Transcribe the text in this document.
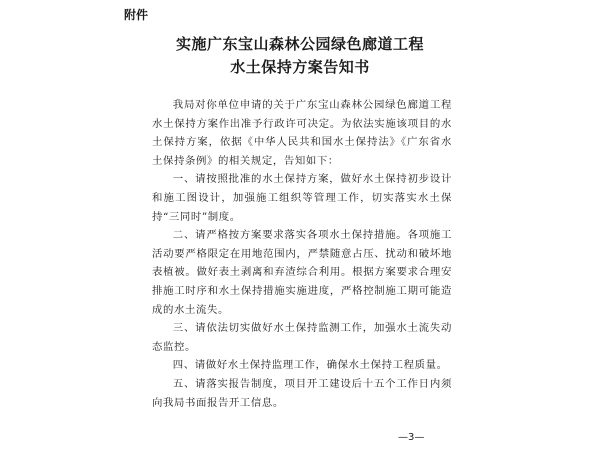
附件
实施广东宝山森林公园绿色廊道工程
水土保持方案告知书

我局对你单位申请的关于广东宝山森林公园绿色廊道工程水土保持方案作出准予行政许可决定。为依法实施该项目的水土保持方案，依据《中华人民共和国水土保持法》《广东省水土保持条例》的相关规定，告知如下：

一、请按照批准的水土保持方案，做好水土保持初步设计和施工图设计，加强施工组织等管理工作，切实落实水土保持“三同时”制度。

二、请严格按方案要求落实各项水土保持措施。各项施工活动要严格限定在用地范围内，严禁随意占压、扰动和破坏地表植被。做好表土剥离和弃渣综合利用。根据方案要求合理安排施工时序和水土保持措施实施进度，严格控制施工期可能造成的水土流失。

三、请依法切实做好水土保持监测工作，加强水土流失动态监控。

四、请做好水土保持监理工作，确保水土保持工程质量。

五、请落实报告制度，项目开工建设后十五个工作日内须向我局书面报告开工信息。

—3—
